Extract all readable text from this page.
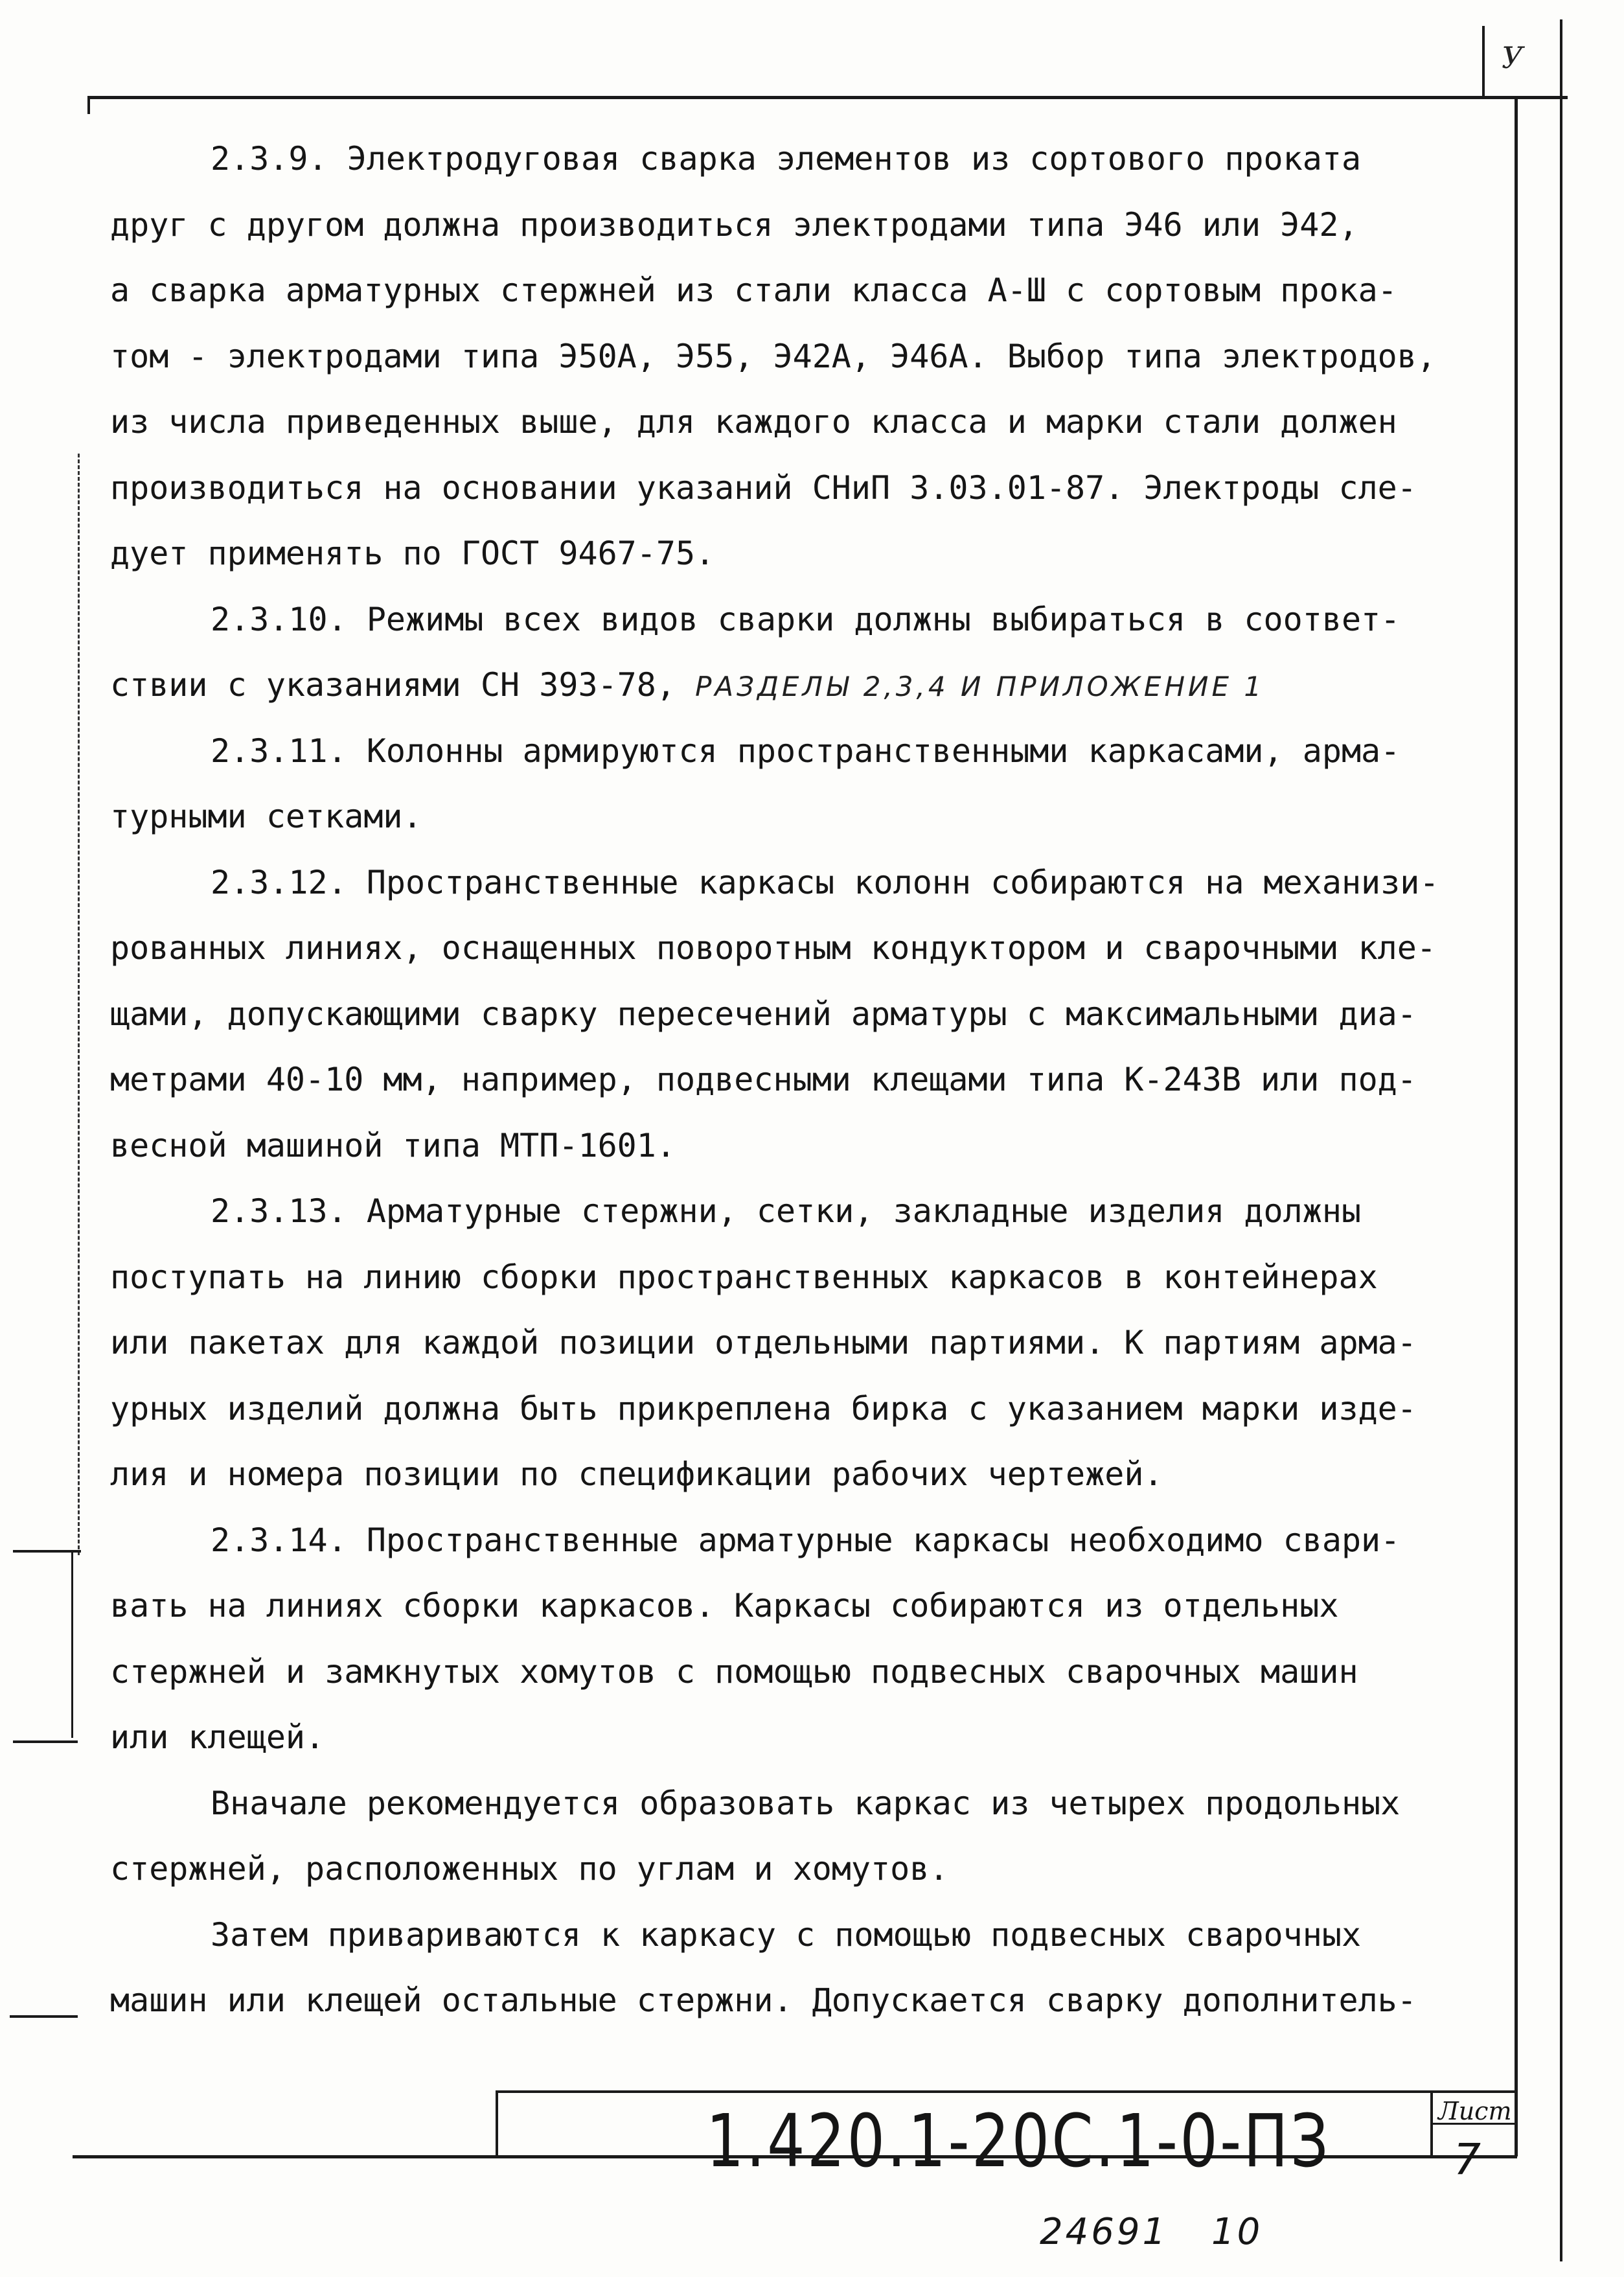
У
2.3.9. Электродуговая сварка элементов из сортового проката
друг с другом должна производиться электродами типа Э46 или Э42,
а сварка арматурных стержней из стали класса А-Ш с сортовым прока-
том - электродами типа Э50А, Э55, Э42А, Э46А. Выбор типа электродов,
из числа приведенных выше, для каждого класса и марки стали должен
производиться на основании указаний СНиП 3.03.01-87. Электроды сле-
дует применять по ГОСТ 9467-75.
2.3.10. Режимы всех видов сварки должны выбираться в соответ-
ствии с указаниями СН 393-78, РАЗДЕЛЫ 2,3,4 И ПРИЛОЖЕНИЕ 1
2.3.11. Колонны армируются пространственными каркасами, арма-
турными сетками.
2.3.12. Пространственные каркасы колонн собираются на механизи-
рованных линиях, оснащенных поворотным кондуктором и сварочными кле-
щами, допускающими сварку пересечений арматуры с максимальными диа-
метрами 40-10 мм, например, подвесными клещами типа К-243В или под-
весной машиной типа МТП-1601.
2.3.13. Арматурные стержни, сетки, закладные изделия должны
поступать на линию сборки пространственных каркасов в контейнерах
или пакетах для каждой позиции отдельными партиями. К партиям арма-
урных изделий должна быть прикреплена бирка с указанием марки изде-
лия и номера позиции по спецификации рабочих чертежей.
2.3.14. Пространственные арматурные каркасы необходимо свари-
вать на линиях сборки каркасов. Каркасы собираются из отдельных
стержней и замкнутых хомутов с помощью подвесных сварочных машин
или клещей.
Вначале рекомендуется образовать каркас из четырех продольных
стержней, расположенных по углам и хомутов.
Затем привариваются к каркасу с помощью подвесных сварочных
машин или клещей остальные стержни. Допускается сварку дополнитель-
1.420.1-20С.1-0-ПЗ	Лист
7
24691 10
